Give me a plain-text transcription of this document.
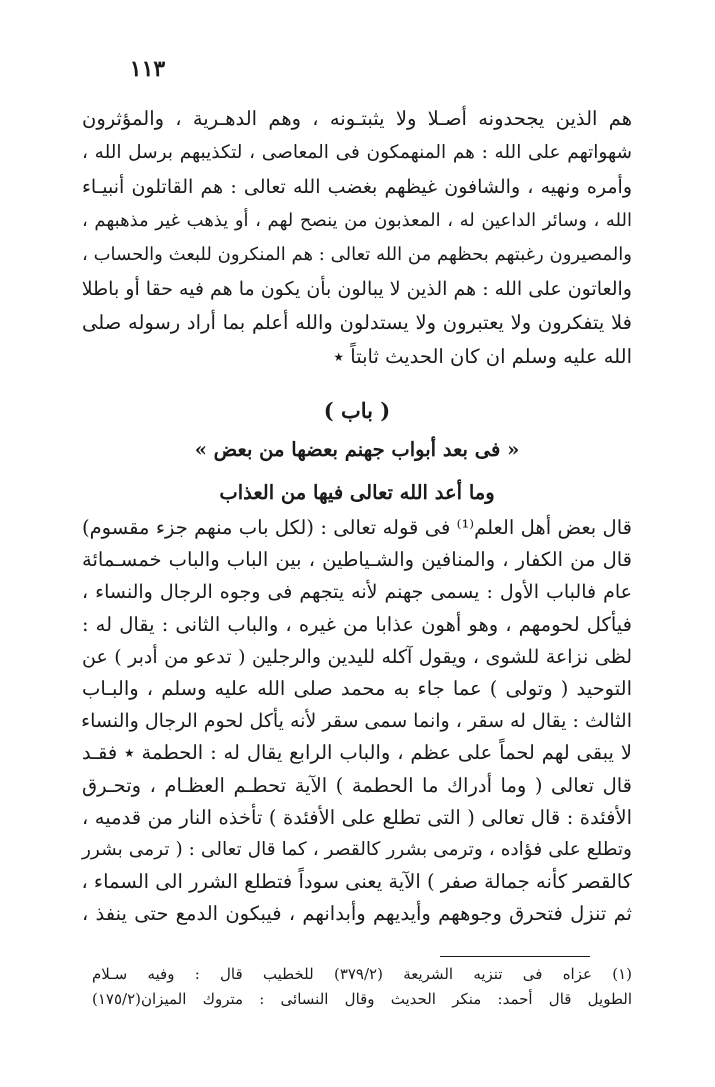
١١٣
هم الذين يجحدونه أصـلا ولا يثبتـونه ، وهم الدهـرية ، والمؤثرون
شهواتهم على الله : هم المنهمكون فى المعاصى ، لتكذيبهم برسل الله ،
وأمره ونهيه ، والشافون غيظهم بغضب الله تعالى : هم القاتلون أنبيـاء
الله ، وسائر الداعين له ، المعذبون من ينصح لهم ، أو يذهب غير مذهبهم ،
والمصيرون رغبتهم بحظهم من الله تعالى : هم المنكرون للبعث والحساب ،
والعاتون على الله : هم الذين لا يبالون بأن يكون ما هم فيه حقا أو باطلا
فلا يتفكرون ولا يعتبرون ولا يستدلون والله أعلم بما أراد رسوله صلى
الله عليه وسلم ان كان الحديث ثابتاً ٭
( باب )
« فى بعد أبواب جهنم بعضها من بعض »
وما أعد الله تعالى فيها من العذاب
قال بعض أهل العلم⁽¹⁾ فى قوله تعالى : (لكل باب منهم جزء مقسوم)
قال من الكفار ، والمنافين والشـياطين ، بين الباب والباب خمسـمائة
عام فالباب الأول : يسمى جهنم لأنه يتجهم فى وجوه الرجال والنساء ،
فيأكل لحومهم ، وهو أهون عذابا من غيره ، والباب الثانى : يقال له :
لظى نزاعة للشوى ، ويقول آكله لليدين والرجلين ( تدعو من أدبر ) عن
التوحيد ( وتولى ) عما جاء به محمد صلى الله عليه وسلم ، والبـاب
الثالث : يقال له سقر ، وانما سمى سقر لأنه يأكل لحوم الرجال والنساء
لا يبقى لهم لحماً على عظم ، والباب الرابع يقال له : الحطمة ٭ فقـد
قال تعالى ( وما أدراك ما الحطمة ) الآية تحطـم العظـام ، وتحـرق
الأفئدة : قال تعالى ( التى تطلع على الأفئدة ) تأخذه النار من قدميه ،
وتطلع على فؤاده ، وترمى بشرر كالقصر ، كما قال تعالى : ( ترمى بشرر
كالقصر كأنه جمالة صفر ) الآية يعنى سوداً فتطلع الشرر الى السماء ،
ثم تنزل فتحرق وجوههم وأيديهم وأبدانهم ، فيبكون الدمع حتى ينفذ ،
(١) عزاه فى تنزيه الشريعة (٣٧٩/٢) للخطيب قال : وفيه سـلام
الطويل قال أحمد: منكر الحديث وقال النسائى : متروك الميزان(١٧٥/٢)
